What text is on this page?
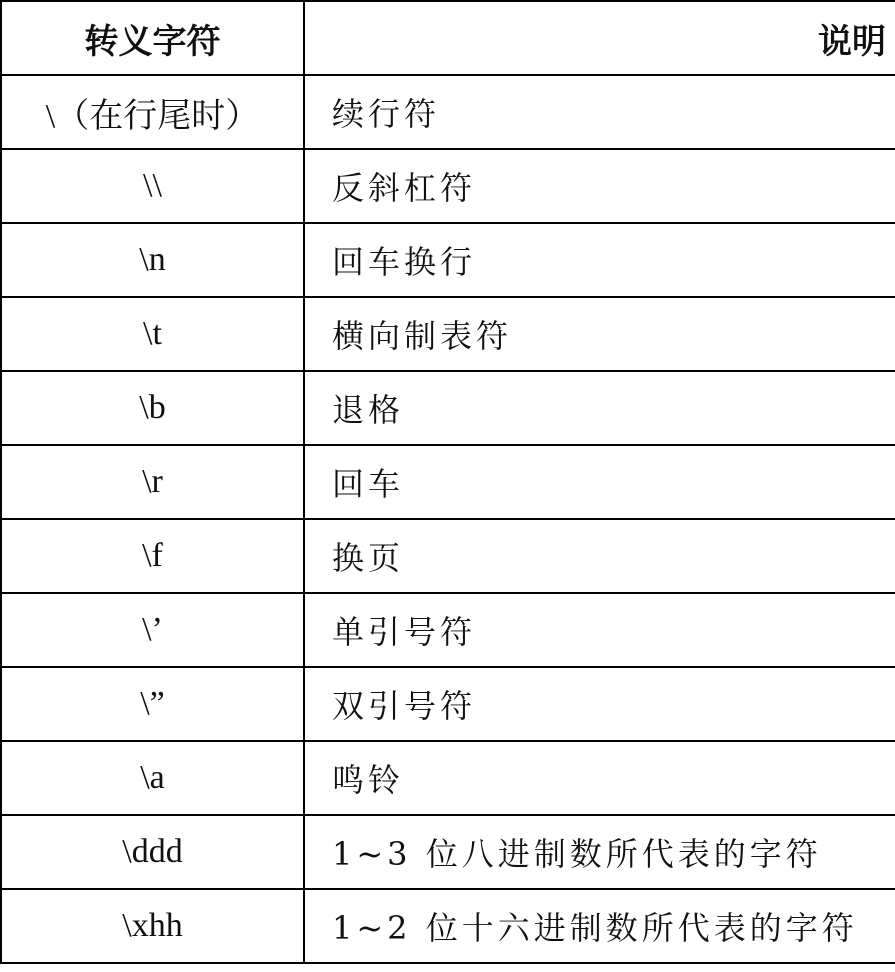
转义字符	说明
\（在行尾时）	续行符
\\	反斜杠符
\n	回车换行
\t	横向制表符
\b	退格
\r	回车
\f	换页
\’	单引号符
\”	双引号符
\a	鸣铃
\ddd	1~3 位八进制数所代表的字符
\xhh	1~2 位十六进制数所代表的字符
